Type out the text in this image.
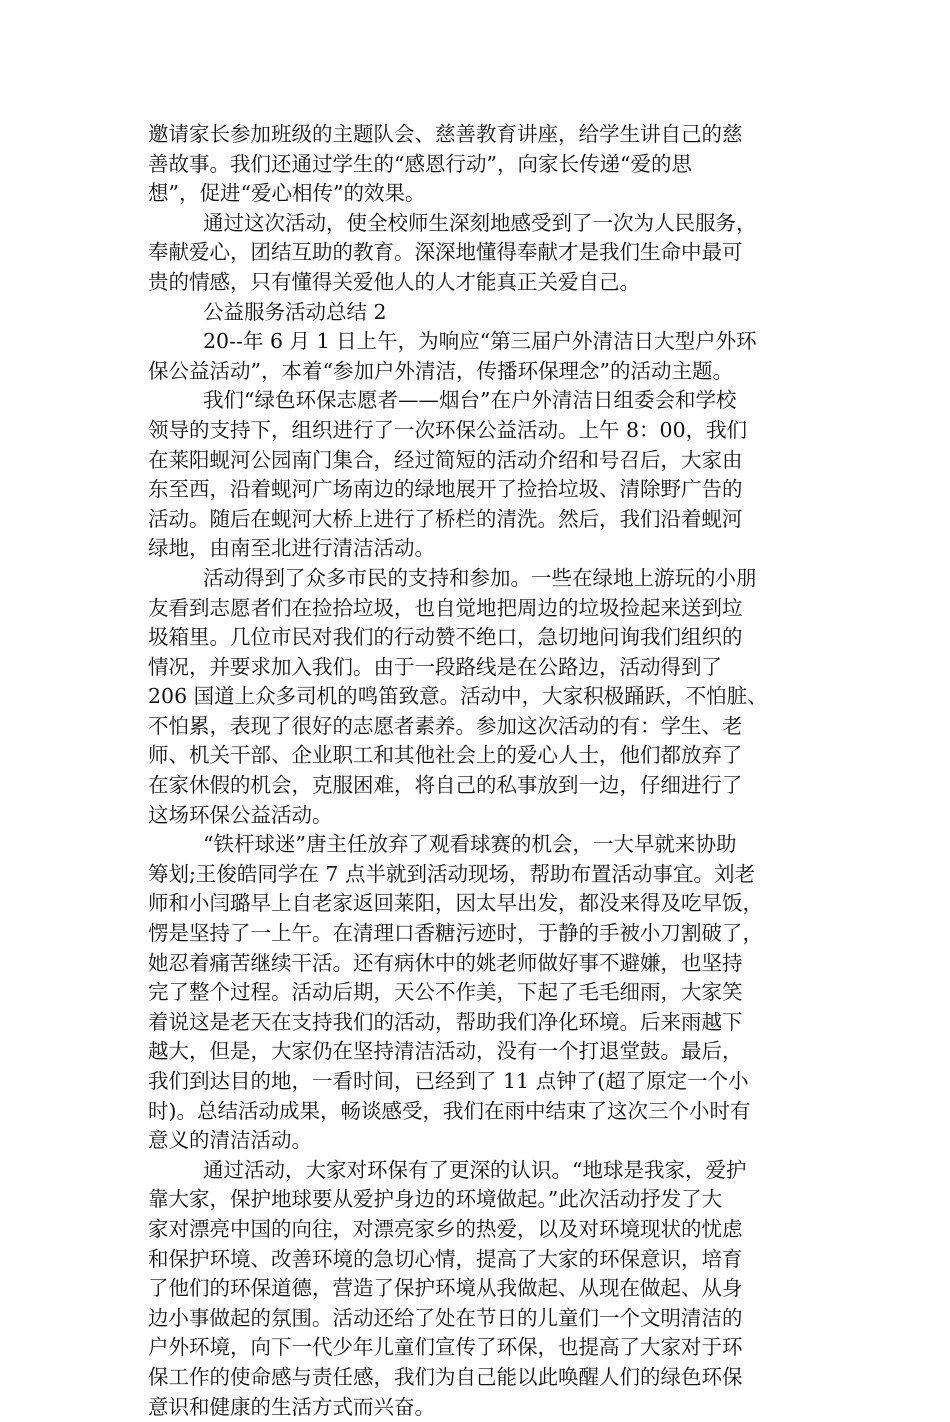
邀请家长参加班级的主题队会、慈善教育讲座，给学生讲自己的慈
善故事。我们还通过学生的“感恩行动”，向家长传递“爱的思
想”，促进“爱心相传”的效果。
通过这次活动，使全校师生深刻地感受到了一次为人民服务，
奉献爱心，团结互助的教育。深深地懂得奉献才是我们生命中最可
贵的情感，只有懂得关爱他人的人才能真正关爱自己。
公益服务活动总结 2
20--年 6 月 1 日上午，为响应“第三届户外清洁日大型户外环
保公益活动”，本着“参加户外清洁，传播环保理念”的活动主题。
我们“绿色环保志愿者——烟台”在户外清洁日组委会和学校
领导的支持下，组织进行了一次环保公益活动。上午 8：00，我们
在莱阳蚬河公园南门集合，经过简短的活动介绍和号召后，大家由
东至西，沿着蚬河广场南边的绿地展开了捡拾垃圾、清除野广告的
活动。随后在蚬河大桥上进行了桥栏的清洗。然后，我们沿着蚬河
绿地，由南至北进行清洁活动。
活动得到了众多市民的支持和参加。一些在绿地上游玩的小朋
友看到志愿者们在捡拾垃圾，也自觉地把周边的垃圾捡起来送到垃
圾箱里。几位市民对我们的行动赞不绝口，急切地问询我们组织的
情况，并要求加入我们。由于一段路线是在公路边，活动得到了
206 国道上众多司机的鸣笛致意。活动中，大家积极踊跃，不怕脏、
不怕累，表现了很好的志愿者素养。参加这次活动的有：学生、老
师、机关干部、企业职工和其他社会上的爱心人士，他们都放弃了
在家休假的机会，克服困难，将自己的私事放到一边，仔细进行了
这场环保公益活动。
“铁杆球迷”唐主任放弃了观看球赛的机会，一大早就来协助
筹划;王俊皓同学在 7 点半就到活动现场，帮助布置活动事宜。刘老
师和小闫璐早上自老家返回莱阳，因太早出发，都没来得及吃早饭，
愣是坚持了一上午。在清理口香糖污迹时，于静的手被小刀割破了，
她忍着痛苦继续干活。还有病休中的姚老师做好事不避嫌，也坚持
完了整个过程。活动后期，天公不作美，下起了毛毛细雨，大家笑
着说这是老天在支持我们的活动，帮助我们净化环境。后来雨越下
越大，但是，大家仍在坚持清洁活动，没有一个打退堂鼓。最后，
我们到达目的地，一看时间，已经到了 11 点钟了(超了原定一个小
时)。总结活动成果，畅谈感受，我们在雨中结束了这次三个小时有
意义的清洁活动。
通过活动，大家对环保有了更深的认识。“地球是我家，爱护
靠大家，保护地球要从爱护身边的环境做起。”此次活动抒发了大
家对漂亮中国的向往，对漂亮家乡的热爱，以及对环境现状的忧虑
和保护环境、改善环境的急切心情，提高了大家的环保意识，培育
了他们的环保道德，营造了保护环境从我做起、从现在做起、从身
边小事做起的氛围。活动还给了处在节日的儿童们一个文明清洁的
户外环境，向下一代少年儿童们宣传了环保，也提高了大家对于环
保工作的使命感与责任感，我们为自己能以此唤醒人们的绿色环保
意识和健康的生活方式而兴奋。
